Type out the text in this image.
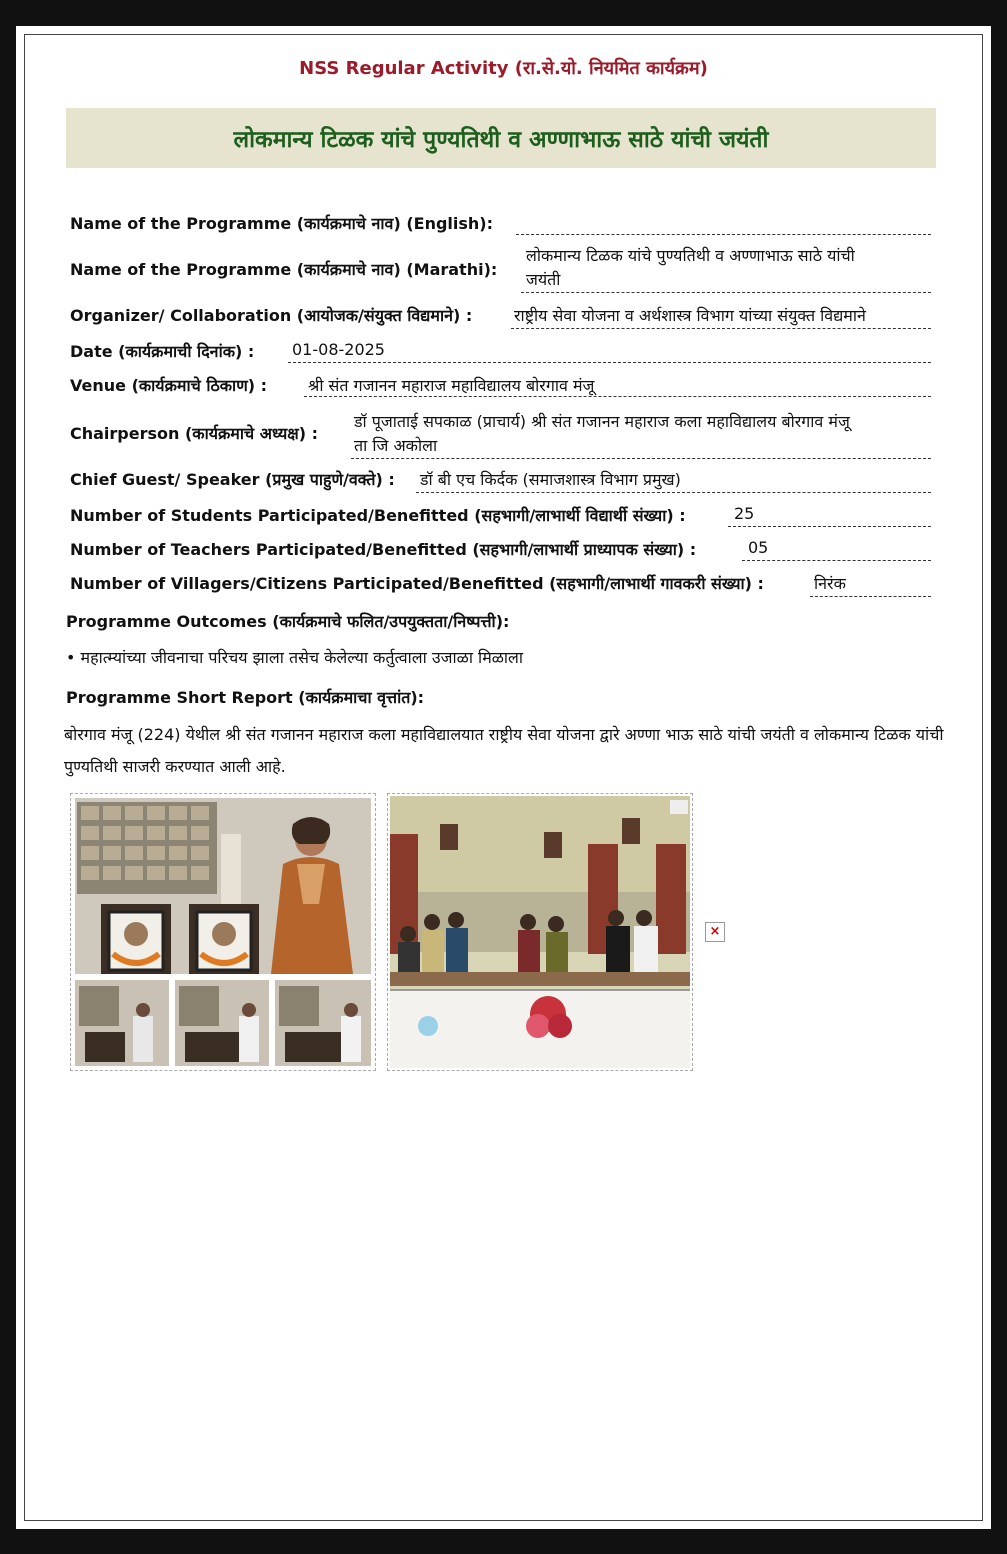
NSS Regular Activity (रा.से.यो. नियमित कार्यक्रम)
लोकमान्य टिळक यांचे पुण्यतिथी व अण्णाभाऊ साठे यांची जयंती
Name of the Programme (कार्यक्रमाचे नाव) (English):
Name of the Programme (कार्यक्रमाचे नाव) (Marathi):
लोकमान्य टिळक यांचे पुण्यतिथी व अण्णाभाऊ साठे यांची
जयंती
Organizer/ Collaboration (आयोजक/संयुक्त विद्यमाने) :	राष्ट्रीय सेवा योजना व अर्थशास्त्र विभाग यांच्या संयुक्त विद्यमाने
Date (कार्यक्रमाची दिनांक) : 01-08-2025
Venue (कार्यक्रमाचे ठिकाण) :	श्री संत गजानन महाराज महाविद्यालय बोरगाव मंजू
Chairperson (कार्यक्रमाचे अध्यक्ष) :
डॉ पूजाताई सपकाळ (प्राचार्य) श्री संत गजानन महाराज कला महाविद्यालय बोरगाव मंजू
ता जि अकोला
Chief Guest/ Speaker (प्रमुख पाहुणे/वक्ते) : डॉ बी एच किर्दक (समाजशास्त्र विभाग प्रमुख)
Number of Students Participated/Benefitted (सहभागी/लाभार्थी विद्यार्थी संख्या) :	25
Number of Teachers Participated/Benefitted (सहभागी/लाभार्थी प्राध्यापक संख्या) :	05
Number of Villagers/Citizens Participated/Benefitted (सहभागी/लाभार्थी गावकरी संख्या) :	निरंक
Programme Outcomes (कार्यक्रमाचे फलित/उपयुक्तता/निष्पत्ती):
• महात्म्यांच्या जीवनाचा परिचय झाला तसेच केलेल्या कर्तुत्वाला उजाळा मिळाला
Programme Short Report (कार्यक्रमाचा वृत्तांत):
बोरगाव मंजू (224) येथील श्री संत गजानन महाराज कला महाविद्यालयात राष्ट्रीय सेवा योजना द्वारे अण्णा भाऊ साठे यांची जयंती व लोकमान्य टिळक यांची पुण्यतिथी साजरी करण्यात आली आहे.
×
